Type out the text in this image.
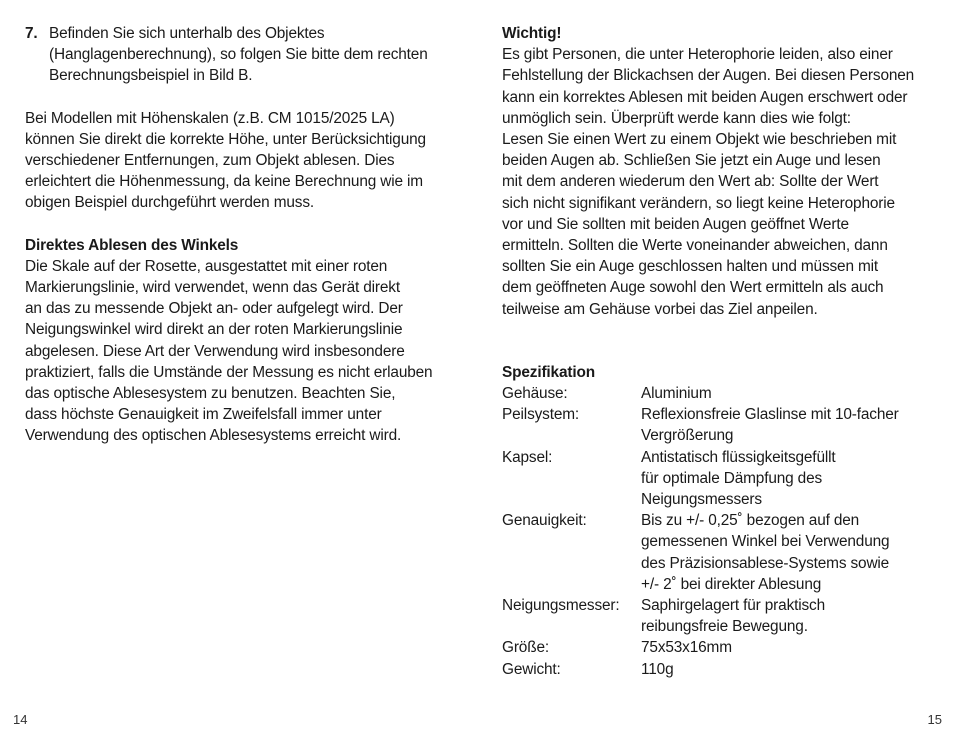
7. Befinden Sie sich unterhalb des Objektes

(Hanglagenberechnung), so folgen Sie bitte dem rechten

Berechnungsbeispiel in Bild B.

Bei Modellen mit Höhenskalen (z.B. CM 1015/2025 LA)

können Sie direkt die korrekte Höhe, unter Berücksichtigung

verschiedener Entfernungen, zum Objekt ablesen. Dies

erleichtert die Höhenmessung, da keine Berechnung wie im

obigen Beispiel durchgeführt werden muss.

Direktes Ablesen des Winkels

Die Skale auf der Rosette, ausgestattet mit einer roten

Markierungslinie, wird verwendet, wenn das Gerät direkt

an das zu messende Objekt an- oder aufgelegt wird. Der

Neigungswinkel wird direkt an der roten Markierungslinie

abgelesen. Diese Art der Verwendung wird insbesondere

praktiziert, falls die Umstände der Messung es nicht erlauben

das optische Ablesesystem zu benutzen. Beachten Sie,

dass höchste Genauigkeit im Zweifelsfall immer unter

Verwendung des optischen Ablesesystems erreicht wird.

14

Wichtig!

Es gibt Personen, die unter Heterophorie leiden, also einer

Fehlstellung der Blickachsen der Augen. Bei diesen Personen

kann ein korrektes Ablesen mit beiden Augen erschwert oder

unmöglich sein. Überprüft werde kann dies wie folgt:

Lesen Sie einen Wert zu einem Objekt wie beschrieben mit

beiden Augen ab. Schließen Sie jetzt ein Auge und lesen

mit dem anderen wiederum den Wert ab: Sollte der Wert

sich nicht signifikant verändern, so liegt keine Heterophorie

vor und Sie sollten mit beiden Augen geöffnet Werte

ermitteln. Sollten die Werte voneinander abweichen, dann

sollten Sie ein Auge geschlossen halten und müssen mit

dem geöffneten Auge sowohl den Wert ermitteln als auch

teilweise am Gehäuse vorbei das Ziel anpeilen.

Spezifikation

Gehäuse:	Aluminium

Peilsystem:	Reflexionsfreie Glaslinse mit 10-facher

Vergrößerung

Kapsel:	Antistatisch flüssigkeitsgefüllt

für optimale Dämpfung des

Neigungsmessers

Genauigkeit:	Bis zu +/- 0,25˚ bezogen auf den

gemessenen Winkel bei Verwendung

des Präzisionsablese-Systems sowie

+/- 2˚ bei direkter Ablesung

Neigungsmesser:	Saphirgelagert für praktisch

reibungsfreie Bewegung.

Größe:	75x53x16mm

Gewicht:	110g

15
